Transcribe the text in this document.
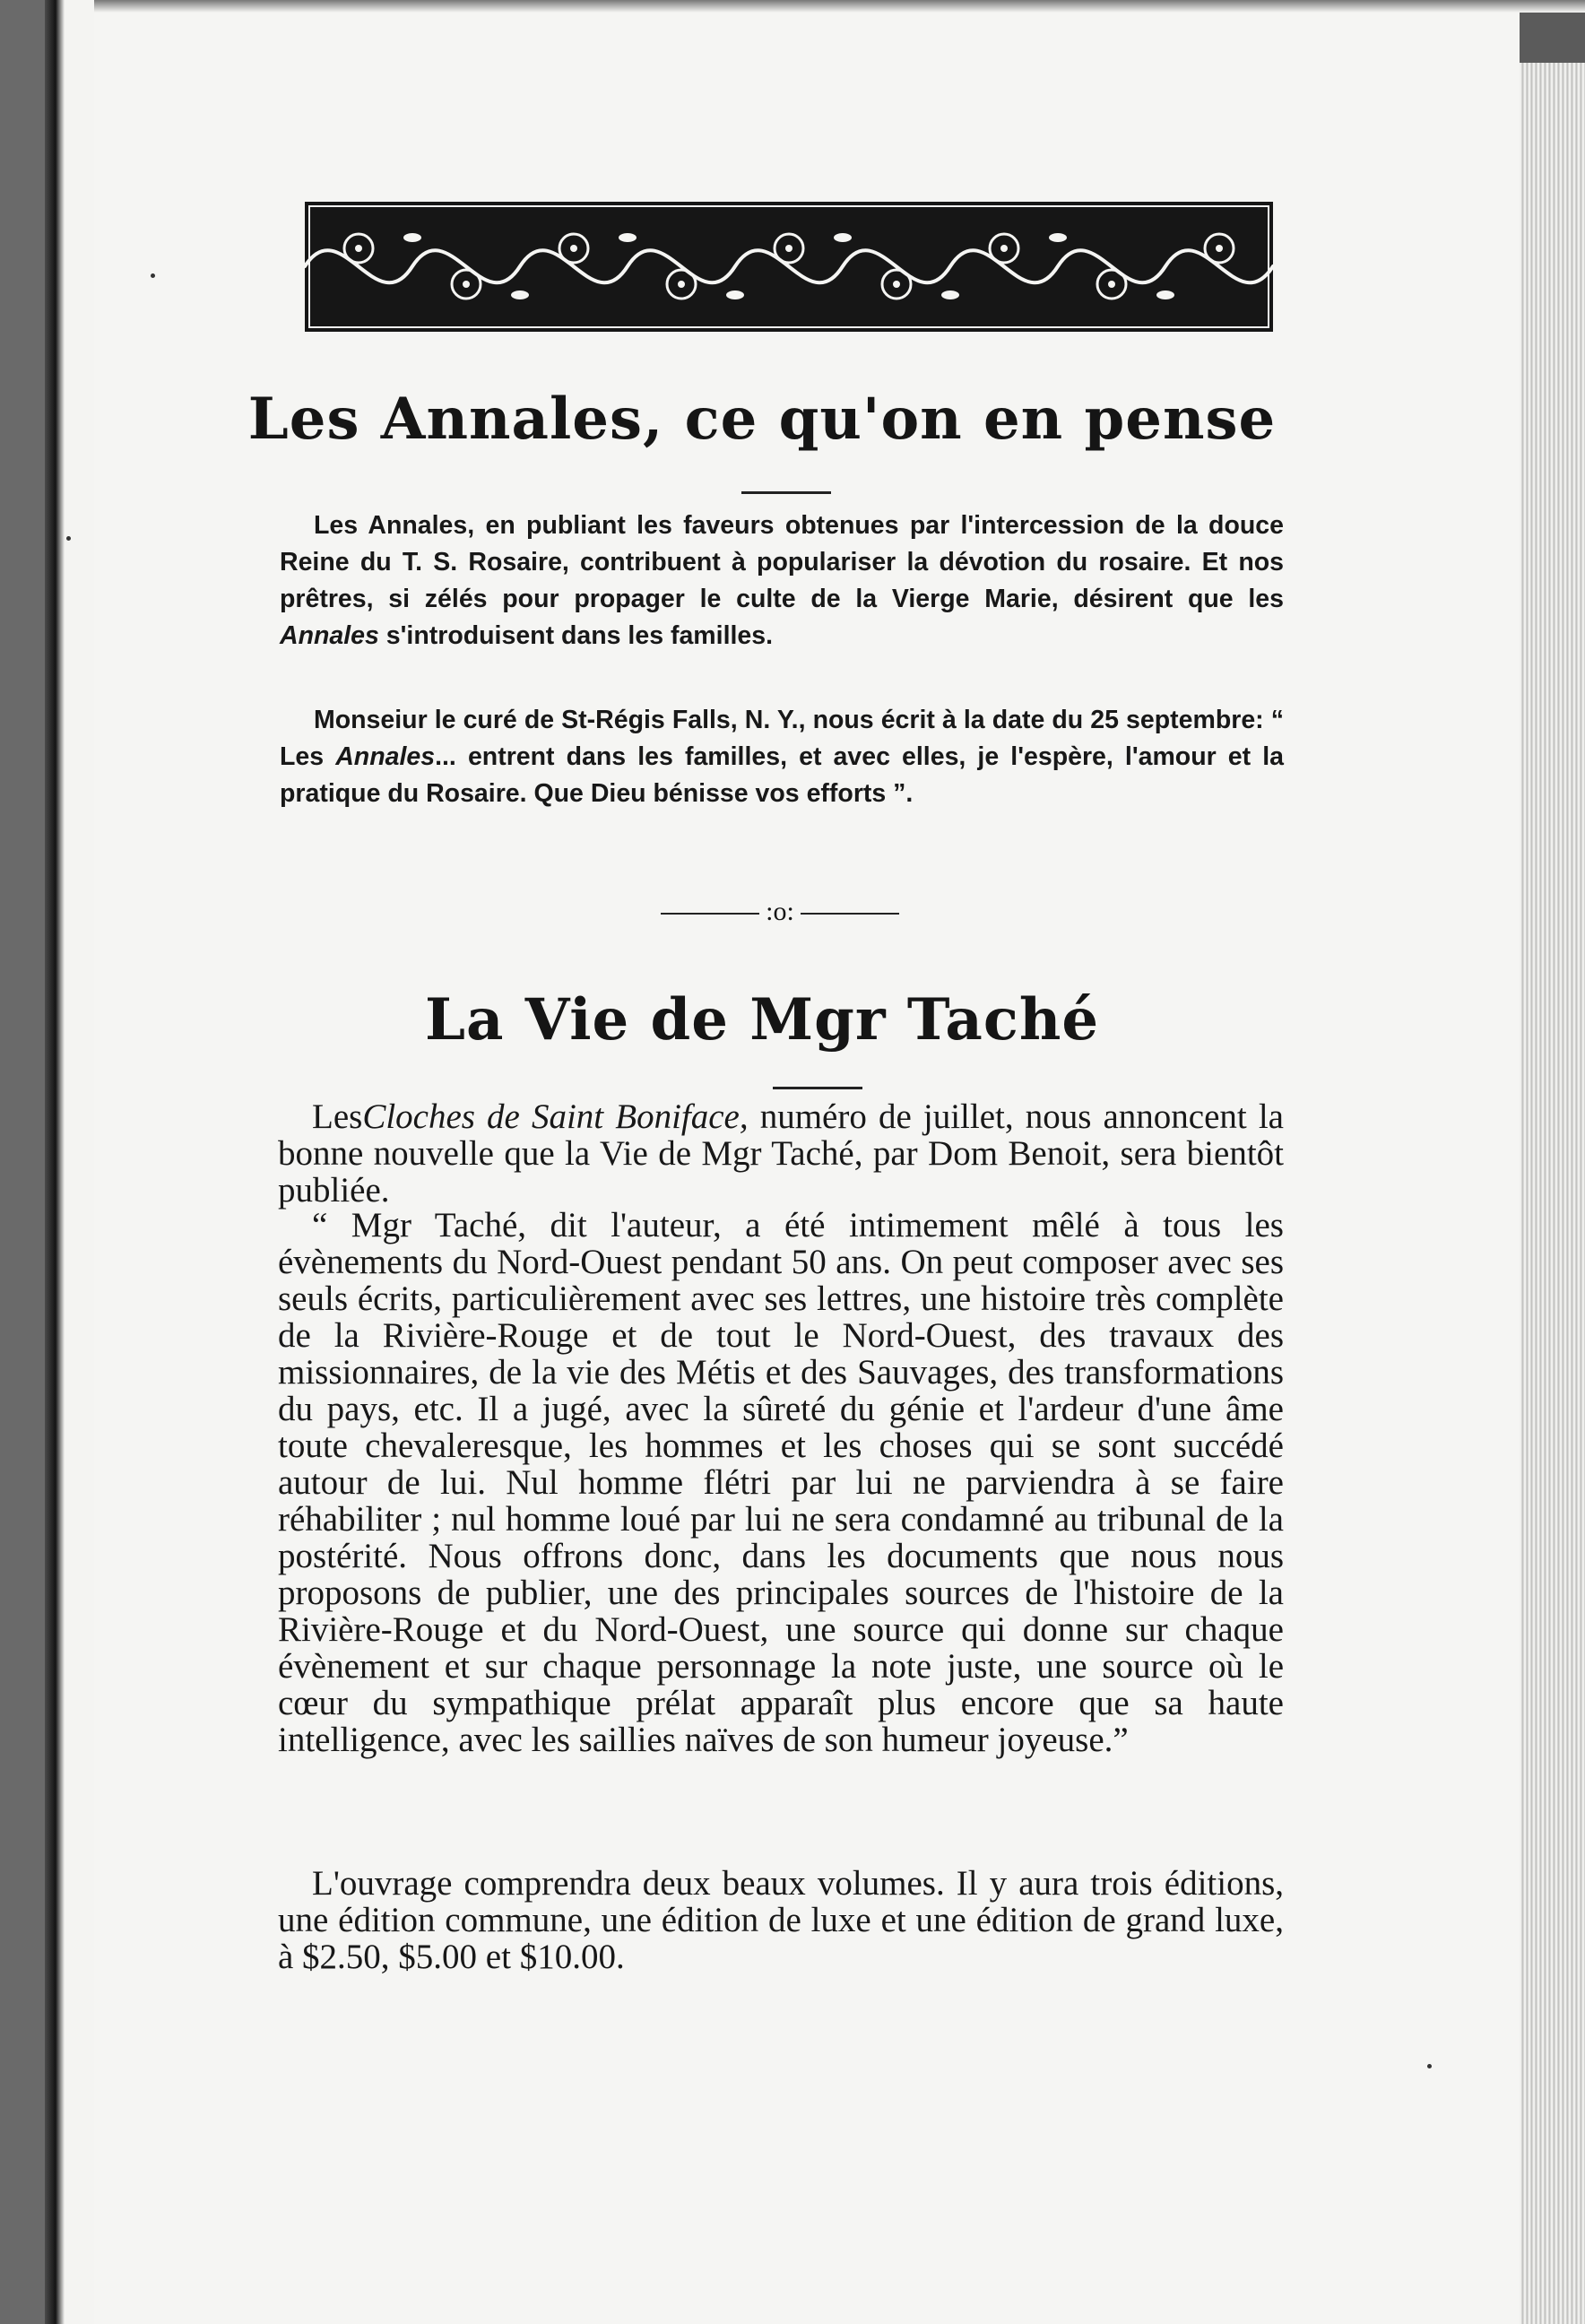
Les Annales, ce qu'on en pense

Les Annales, en publiant les faveurs obtenues par l'intercession de la douce Reine du T. S. Rosaire, contribuent à populariser la dévotion du rosaire. Et nos prêtres, si zélés pour propager le culte de la Vierge Marie, désirent que les Annales s'introduisent dans les familles.

Monseiur le curé de St-Régis Falls, N. Y., nous écrit à la date du 25 septembre: “ Les Annales... entrent dans les familles, et avec elles, je l'espère, l'amour et la pratique du Rosaire. Que Dieu bénisse vos efforts ”.

:o:
La Vie de Mgr Taché

LesCloches de Saint Boniface, numéro de juillet, nous annoncent la bonne nouvelle que la Vie de Mgr Taché, par Dom Benoit, sera bientôt publiée.

“ Mgr Taché, dit l'auteur, a été intimement mêlé à tous les évènements du Nord-Ouest pendant 50 ans. On peut composer avec ses seuls écrits, particulièrement avec ses lettres, une histoire très complète de la Rivière-Rouge et de tout le Nord-Ouest, des travaux des missionnaires, de la vie des Métis et des Sauvages, des transformations du pays, etc. Il a jugé, avec la sûreté du génie et l'ardeur d'une âme toute chevaleresque, les hommes et les choses qui se sont succédé autour de lui. Nul homme flétri par lui ne parviendra à se faire réhabiliter ; nul homme loué par lui ne sera condamné au tribunal de la postérité. Nous offrons donc, dans les documents que nous nous proposons de publier, une des principales sources de l'histoire de la Rivière-Rouge et du Nord-Ouest, une source qui donne sur chaque évènement et sur chaque personnage la note juste, une source où le cœur du sympathique prélat apparaît plus encore que sa haute intelligence, avec les saillies naïves de son humeur joyeuse.”

L'ouvrage comprendra deux beaux volumes. Il y aura trois éditions, une édition commune, une édition de luxe et une édition de grand luxe, à $2.50, $5.00 et $10.00.
